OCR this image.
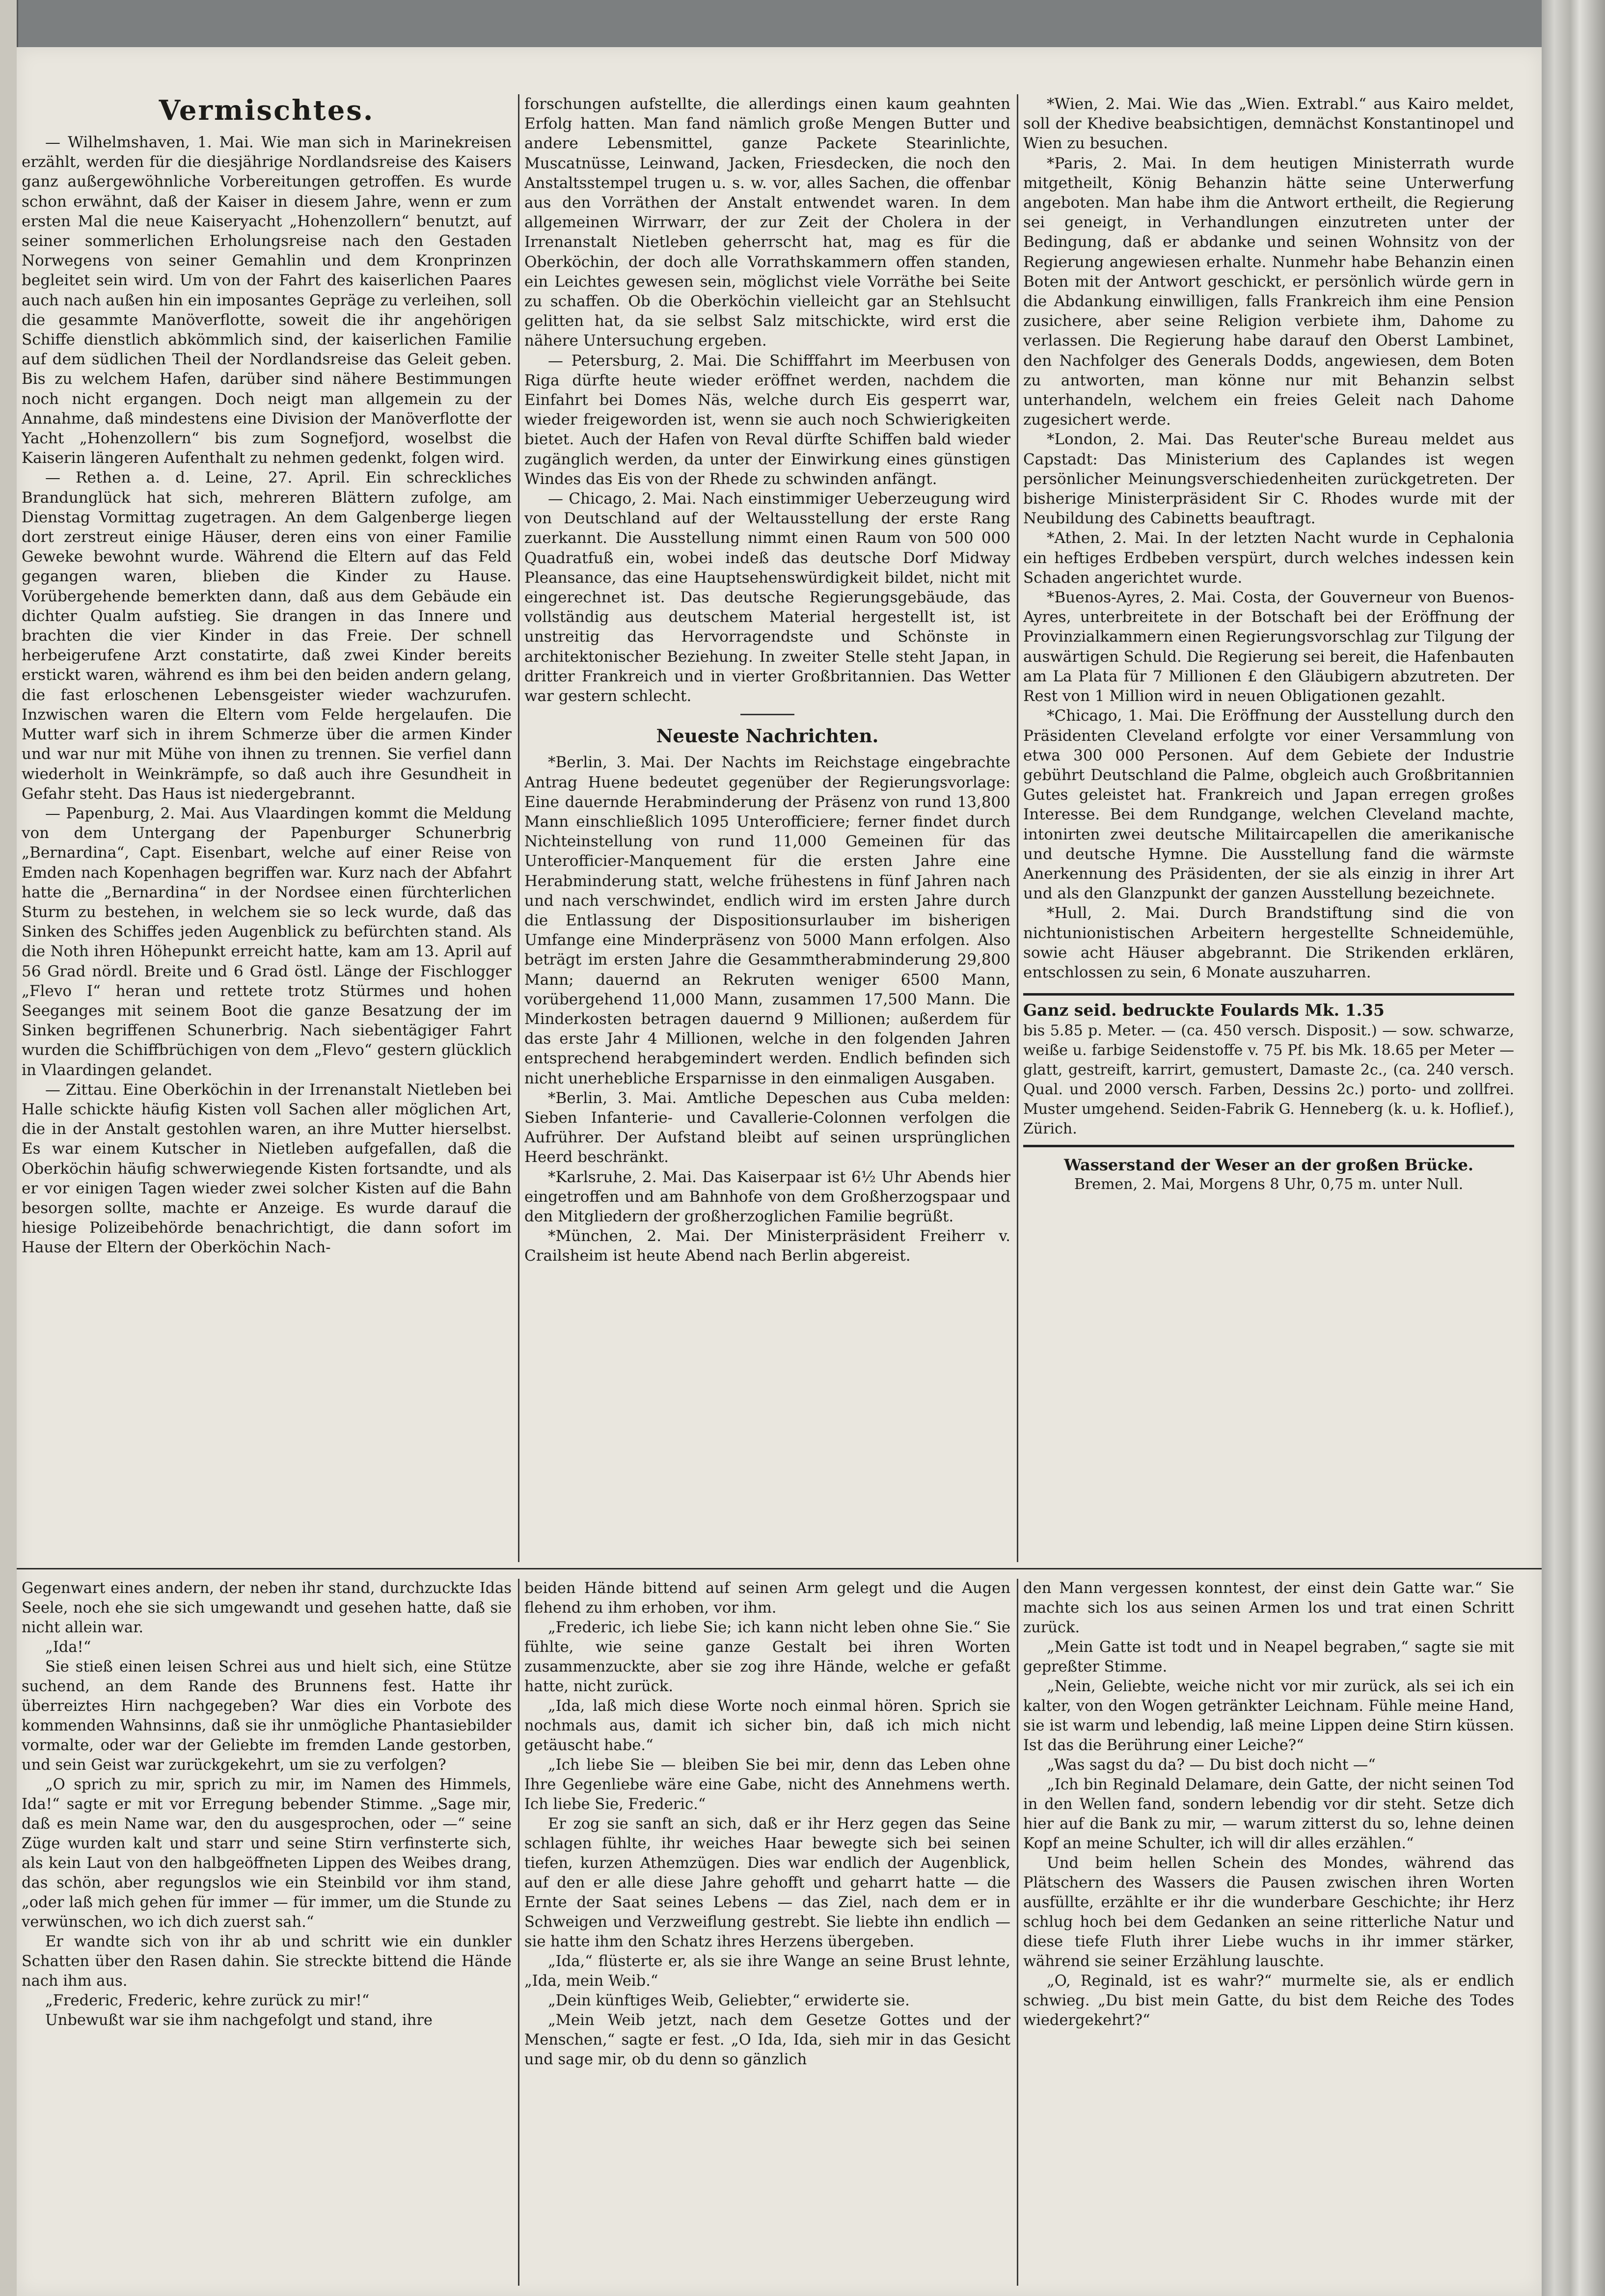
Vermischtes.

— Wilhelmshaven, 1. Mai. Wie man sich in Marinekreisen erzählt, werden für die diesjährige Nordlandsreise des Kaisers ganz außergewöhnliche Vorbereitungen getroffen. Es wurde schon erwähnt, daß der Kaiser in diesem Jahre, wenn er zum ersten Mal die neue Kaiseryacht „Hohenzollern“ benutzt, auf seiner sommerlichen Erholungsreise nach den Gestaden Norwegens von seiner Gemahlin und dem Kronprinzen begleitet sein wird. Um von der Fahrt des kaiserlichen Paares auch nach außen hin ein imposantes Gepräge zu verleihen, soll die gesammte Manöverflotte, soweit die ihr angehörigen Schiffe dienstlich abkömmlich sind, der kaiserlichen Familie auf dem südlichen Theil der Nordlandsreise das Geleit geben. Bis zu welchem Hafen, darüber sind nähere Bestimmungen noch nicht ergangen. Doch neigt man allgemein zu der Annahme, daß mindestens eine Division der Manöverflotte der Yacht „Hohenzollern“ bis zum Sognefjord, woselbst die Kaiserin längeren Aufenthalt zu nehmen gedenkt, folgen wird.

— Rethen a. d. Leine, 27. April. Ein schreckliches Brandunglück hat sich, mehreren Blättern zufolge, am Dienstag Vormittag zugetragen. An dem Galgenberge liegen dort zerstreut einige Häuser, deren eins von einer Familie Geweke bewohnt wurde. Während die Eltern auf das Feld gegangen waren, blieben die Kinder zu Hause. Vorübergehende bemerkten dann, daß aus dem Gebäude ein dichter Qualm aufstieg. Sie drangen in das Innere und brachten die vier Kinder in das Freie. Der schnell herbeigerufene Arzt constatirte, daß zwei Kinder bereits erstickt waren, während es ihm bei den beiden andern gelang, die fast erloschenen Lebensgeister wieder wachzurufen. Inzwischen waren die Eltern vom Felde hergelaufen. Die Mutter warf sich in ihrem Schmerze über die armen Kinder und war nur mit Mühe von ihnen zu trennen. Sie verfiel dann wiederholt in Weinkrämpfe, so daß auch ihre Gesundheit in Gefahr steht. Das Haus ist niedergebrannt.

— Papenburg, 2. Mai. Aus Vlaardingen kommt die Meldung von dem Untergang der Papenburger Schunerbrig „Bernardina“, Capt. Eisenbart, welche auf einer Reise von Emden nach Kopenhagen begriffen war. Kurz nach der Abfahrt hatte die „Bernardina“ in der Nordsee einen fürchterlichen Sturm zu bestehen, in welchem sie so leck wurde, daß das Sinken des Schiffes jeden Augenblick zu befürchten stand. Als die Noth ihren Höhepunkt erreicht hatte, kam am 13. April auf 56 Grad nördl. Breite und 6 Grad östl. Länge der Fischlogger „Flevo I“ heran und rettete trotz Stürmes und hohen Seeganges mit seinem Boot die ganze Besatzung der im Sinken begriffenen Schunerbrig. Nach siebentägiger Fahrt wurden die Schiffbrüchigen von dem „Flevo“ gestern glücklich in Vlaardingen gelandet.

— Zittau. Eine Oberköchin in der Irrenanstalt Nietleben bei Halle schickte häufig Kisten voll Sachen aller möglichen Art, die in der Anstalt gestohlen waren, an ihre Mutter hierselbst. Es war einem Kutscher in Nietleben aufgefallen, daß die Oberköchin häufig schwerwiegende Kisten fortsandte, und als er vor einigen Tagen wieder zwei solcher Kisten auf die Bahn besorgen sollte, machte er Anzeige. Es wurde darauf die hiesige Polizeibehörde benachrichtigt, die dann sofort im Hause der Eltern der Oberköchin Nach-

forschungen aufstellte, die allerdings einen kaum geahnten Erfolg hatten. Man fand nämlich große Mengen Butter und andere Lebensmittel, ganze Packete Stearinlichte, Muscatnüsse, Leinwand, Jacken, Friesdecken, die noch den Anstaltsstempel trugen u. s. w. vor, alles Sachen, die offenbar aus den Vorräthen der Anstalt entwendet waren. In dem allgemeinen Wirrwarr, der zur Zeit der Cholera in der Irrenanstalt Nietleben geherrscht hat, mag es für die Oberköchin, der doch alle Vorrathskammern offen standen, ein Leichtes gewesen sein, möglichst viele Vorräthe bei Seite zu schaffen. Ob die Oberköchin vielleicht gar an Stehlsucht gelitten hat, da sie selbst Salz mitschickte, wird erst die nähere Untersuchung ergeben.

— Petersburg, 2. Mai. Die Schifffahrt im Meerbusen von Riga dürfte heute wieder eröffnet werden, nachdem die Einfahrt bei Domes Näs, welche durch Eis gesperrt war, wieder freigeworden ist, wenn sie auch noch Schwierigkeiten bietet. Auch der Hafen von Reval dürfte Schiffen bald wieder zugänglich werden, da unter der Einwirkung eines günstigen Windes das Eis von der Rhede zu schwinden anfängt.

— Chicago, 2. Mai. Nach einstimmiger Ueberzeugung wird von Deutschland auf der Weltausstellung der erste Rang zuerkannt. Die Ausstellung nimmt einen Raum von 500 000 Quadratfuß ein, wobei indeß das deutsche Dorf Midway Pleansance, das eine Hauptsehenswürdigkeit bildet, nicht mit eingerechnet ist. Das deutsche Regierungsgebäude, das vollständig aus deutschem Material hergestellt ist, ist unstreitig das Hervorragendste und Schönste in architektonischer Beziehung. In zweiter Stelle steht Japan, in dritter Frankreich und in vierter Großbritannien. Das Wetter war gestern schlecht.

Neueste Nachrichten.

*Berlin, 3. Mai. Der Nachts im Reichstage eingebrachte Antrag Huene bedeutet gegenüber der Regierungsvorlage: Eine dauernde Herabminderung der Präsenz von rund 13,800 Mann einschließlich 1095 Unterofficiere; ferner findet durch Nichteinstellung von rund 11,000 Gemeinen für das Unterofficier-Manquement für die ersten Jahre eine Herabminderung statt, welche frühestens in fünf Jahren nach und nach verschwindet, endlich wird im ersten Jahre durch die Entlassung der Dispositionsurlauber im bisherigen Umfange eine Minderpräsenz von 5000 Mann erfolgen. Also beträgt im ersten Jahre die Gesammtherabminderung 29,800 Mann; dauernd an Rekruten weniger 6500 Mann, vorübergehend 11,000 Mann, zusammen 17,500 Mann. Die Minderkosten betragen dauernd 9 Millionen; außerdem für das erste Jahr 4 Millionen, welche in den folgenden Jahren entsprechend herabgemindert werden. Endlich befinden sich nicht unerhebliche Ersparnisse in den einmaligen Ausgaben.

*Berlin, 3. Mai. Amtliche Depeschen aus Cuba melden: Sieben Infanterie- und Cavallerie-Colonnen verfolgen die Aufrührer. Der Aufstand bleibt auf seinen ursprünglichen Heerd beschränkt.

*Karlsruhe, 2. Mai. Das Kaiserpaar ist 6½ Uhr Abends hier eingetroffen und am Bahnhofe von dem Großherzogspaar und den Mitgliedern der großherzoglichen Familie begrüßt.

*München, 2. Mai. Der Ministerpräsident Freiherr v. Crailsheim ist heute Abend nach Berlin abgereist.

*Wien, 2. Mai. Wie das „Wien. Extrabl.“ aus Kairo meldet, soll der Khedive beabsichtigen, demnächst Konstantinopel und Wien zu besuchen.

*Paris, 2. Mai. In dem heutigen Ministerrath wurde mitgetheilt, König Behanzin hätte seine Unterwerfung angeboten. Man habe ihm die Antwort ertheilt, die Regierung sei geneigt, in Verhandlungen einzutreten unter der Bedingung, daß er abdanke und seinen Wohnsitz von der Regierung angewiesen erhalte. Nunmehr habe Behanzin einen Boten mit der Antwort geschickt, er persönlich würde gern in die Abdankung einwilligen, falls Frankreich ihm eine Pension zusichere, aber seine Religion verbiete ihm, Dahome zu verlassen. Die Regierung habe darauf den Oberst Lambinet, den Nachfolger des Generals Dodds, angewiesen, dem Boten zu antworten, man könne nur mit Behanzin selbst unterhandeln, welchem ein freies Geleit nach Dahome zugesichert werde.

*London, 2. Mai. Das Reuter'sche Bureau meldet aus Capstadt: Das Ministerium des Caplandes ist wegen persönlicher Meinungsverschiedenheiten zurückgetreten. Der bisherige Ministerpräsident Sir C. Rhodes wurde mit der Neubildung des Cabinetts beauftragt.

*Athen, 2. Mai. In der letzten Nacht wurde in Cephalonia ein heftiges Erdbeben verspürt, durch welches indessen kein Schaden angerichtet wurde.

*Buenos-Ayres, 2. Mai. Costa, der Gouverneur von Buenos-Ayres, unterbreitete in der Botschaft bei der Eröffnung der Provinzialkammern einen Regierungsvorschlag zur Tilgung der auswärtigen Schuld. Die Regierung sei bereit, die Hafenbauten am La Plata für 7 Millionen £ den Gläubigern abzutreten. Der Rest von 1 Million wird in neuen Obligationen gezahlt.

*Chicago, 1. Mai. Die Eröffnung der Ausstellung durch den Präsidenten Cleveland erfolgte vor einer Versammlung von etwa 300 000 Personen. Auf dem Gebiete der Industrie gebührt Deutschland die Palme, obgleich auch Großbritannien Gutes geleistet hat. Frankreich und Japan erregen großes Interesse. Bei dem Rundgange, welchen Cleveland machte, intonirten zwei deutsche Militaircapellen die amerikanische und deutsche Hymne. Die Ausstellung fand die wärmste Anerkennung des Präsidenten, der sie als einzig in ihrer Art und als den Glanzpunkt der ganzen Ausstellung bezeichnete.

*Hull, 2. Mai. Durch Brandstiftung sind die von nichtunionistischen Arbeitern hergestellte Schneidemühle, sowie acht Häuser abgebrannt. Die Strikenden erklären, entschlossen zu sein, 6 Monate auszuharren.

Ganz seid. bedruckte Foulards Mk. 1.35
bis 5.85 p. Meter. — (ca. 450 versch. Disposit.) — sow. schwarze, weiße u. farbige Seidenstoffe v. 75 Pf. bis Mk. 18.65 per Meter — glatt, gestreift, karrirt, gemustert, Damaste 2c., (ca. 240 versch. Qual. und 2000 versch. Farben, Dessins 2c.) porto- und zollfrei. Muster umgehend. Seiden-Fabrik G. Henneberg (k. u. k. Hoflief.), Zürich.
Wasserstand der Weser an der großen Brücke.
Bremen, 2. Mai, Morgens 8 Uhr, 0,75 m. unter Null.

Gegenwart eines andern, der neben ihr stand, durchzuckte Idas Seele, noch ehe sie sich umgewandt und gesehen hatte, daß sie nicht allein war.

„Ida!“

Sie stieß einen leisen Schrei aus und hielt sich, eine Stütze suchend, an dem Rande des Brunnens fest. Hatte ihr überreiztes Hirn nachgegeben? War dies ein Vorbote des kommenden Wahnsinns, daß sie ihr unmögliche Phantasiebilder vormalte, oder war der Geliebte im fremden Lande gestorben, und sein Geist war zurückgekehrt, um sie zu verfolgen?

„O sprich zu mir, sprich zu mir, im Namen des Himmels, Ida!“ sagte er mit vor Erregung bebender Stimme. „Sage mir, daß es mein Name war, den du ausgesprochen, oder —“ seine Züge wurden kalt und starr und seine Stirn verfinsterte sich, als kein Laut von den halbgeöffneten Lippen des Weibes drang, das schön, aber regungslos wie ein Steinbild vor ihm stand, „oder laß mich gehen für immer — für immer, um die Stunde zu verwünschen, wo ich dich zuerst sah.“

Er wandte sich von ihr ab und schritt wie ein dunkler Schatten über den Rasen dahin. Sie streckte bittend die Hände nach ihm aus.

„Frederic, Frederic, kehre zurück zu mir!“

Unbewußt war sie ihm nachgefolgt und stand, ihre

beiden Hände bittend auf seinen Arm gelegt und die Augen flehend zu ihm erhoben, vor ihm.

„Frederic, ich liebe Sie; ich kann nicht leben ohne Sie.“ Sie fühlte, wie seine ganze Gestalt bei ihren Worten zusammenzuckte, aber sie zog ihre Hände, welche er gefaßt hatte, nicht zurück.

„Ida, laß mich diese Worte noch einmal hören. Sprich sie nochmals aus, damit ich sicher bin, daß ich mich nicht getäuscht habe.“

„Ich liebe Sie — bleiben Sie bei mir, denn das Leben ohne Ihre Gegenliebe wäre eine Gabe, nicht des Annehmens werth. Ich liebe Sie, Frederic.“

Er zog sie sanft an sich, daß er ihr Herz gegen das Seine schlagen fühlte, ihr weiches Haar bewegte sich bei seinen tiefen, kurzen Athemzügen. Dies war endlich der Augenblick, auf den er alle diese Jahre gehofft und geharrt hatte — die Ernte der Saat seines Lebens — das Ziel, nach dem er in Schweigen und Verzweiflung gestrebt. Sie liebte ihn endlich — sie hatte ihm den Schatz ihres Herzens übergeben.

„Ida,“ flüsterte er, als sie ihre Wange an seine Brust lehnte, „Ida, mein Weib.“

„Dein künftiges Weib, Geliebter,“ erwiderte sie.

„Mein Weib jetzt, nach dem Gesetze Gottes und der Menschen,“ sagte er fest. „O Ida, Ida, sieh mir in das Gesicht und sage mir, ob du denn so gänzlich

den Mann vergessen konntest, der einst dein Gatte war.“ Sie machte sich los aus seinen Armen los und trat einen Schritt zurück.

„Mein Gatte ist todt und in Neapel begraben,“ sagte sie mit gepreßter Stimme.

„Nein, Geliebte, weiche nicht vor mir zurück, als sei ich ein kalter, von den Wogen getränkter Leichnam. Fühle meine Hand, sie ist warm und lebendig, laß meine Lippen deine Stirn küssen. Ist das die Berührung einer Leiche?“

„Was sagst du da? — Du bist doch nicht —“

„Ich bin Reginald Delamare, dein Gatte, der nicht seinen Tod in den Wellen fand, sondern lebendig vor dir steht. Setze dich hier auf die Bank zu mir, — warum zitterst du so, lehne deinen Kopf an meine Schulter, ich will dir alles erzählen.“

Und beim hellen Schein des Mondes, während das Plätschern des Wassers die Pausen zwischen ihren Worten ausfüllte, erzählte er ihr die wunderbare Geschichte; ihr Herz schlug hoch bei dem Gedanken an seine ritterliche Natur und diese tiefe Fluth ihrer Liebe wuchs in ihr immer stärker, während sie seiner Erzählung lauschte.

„O, Reginald, ist es wahr?“ murmelte sie, als er endlich schwieg. „Du bist mein Gatte, du bist dem Reiche des Todes wiedergekehrt?“
